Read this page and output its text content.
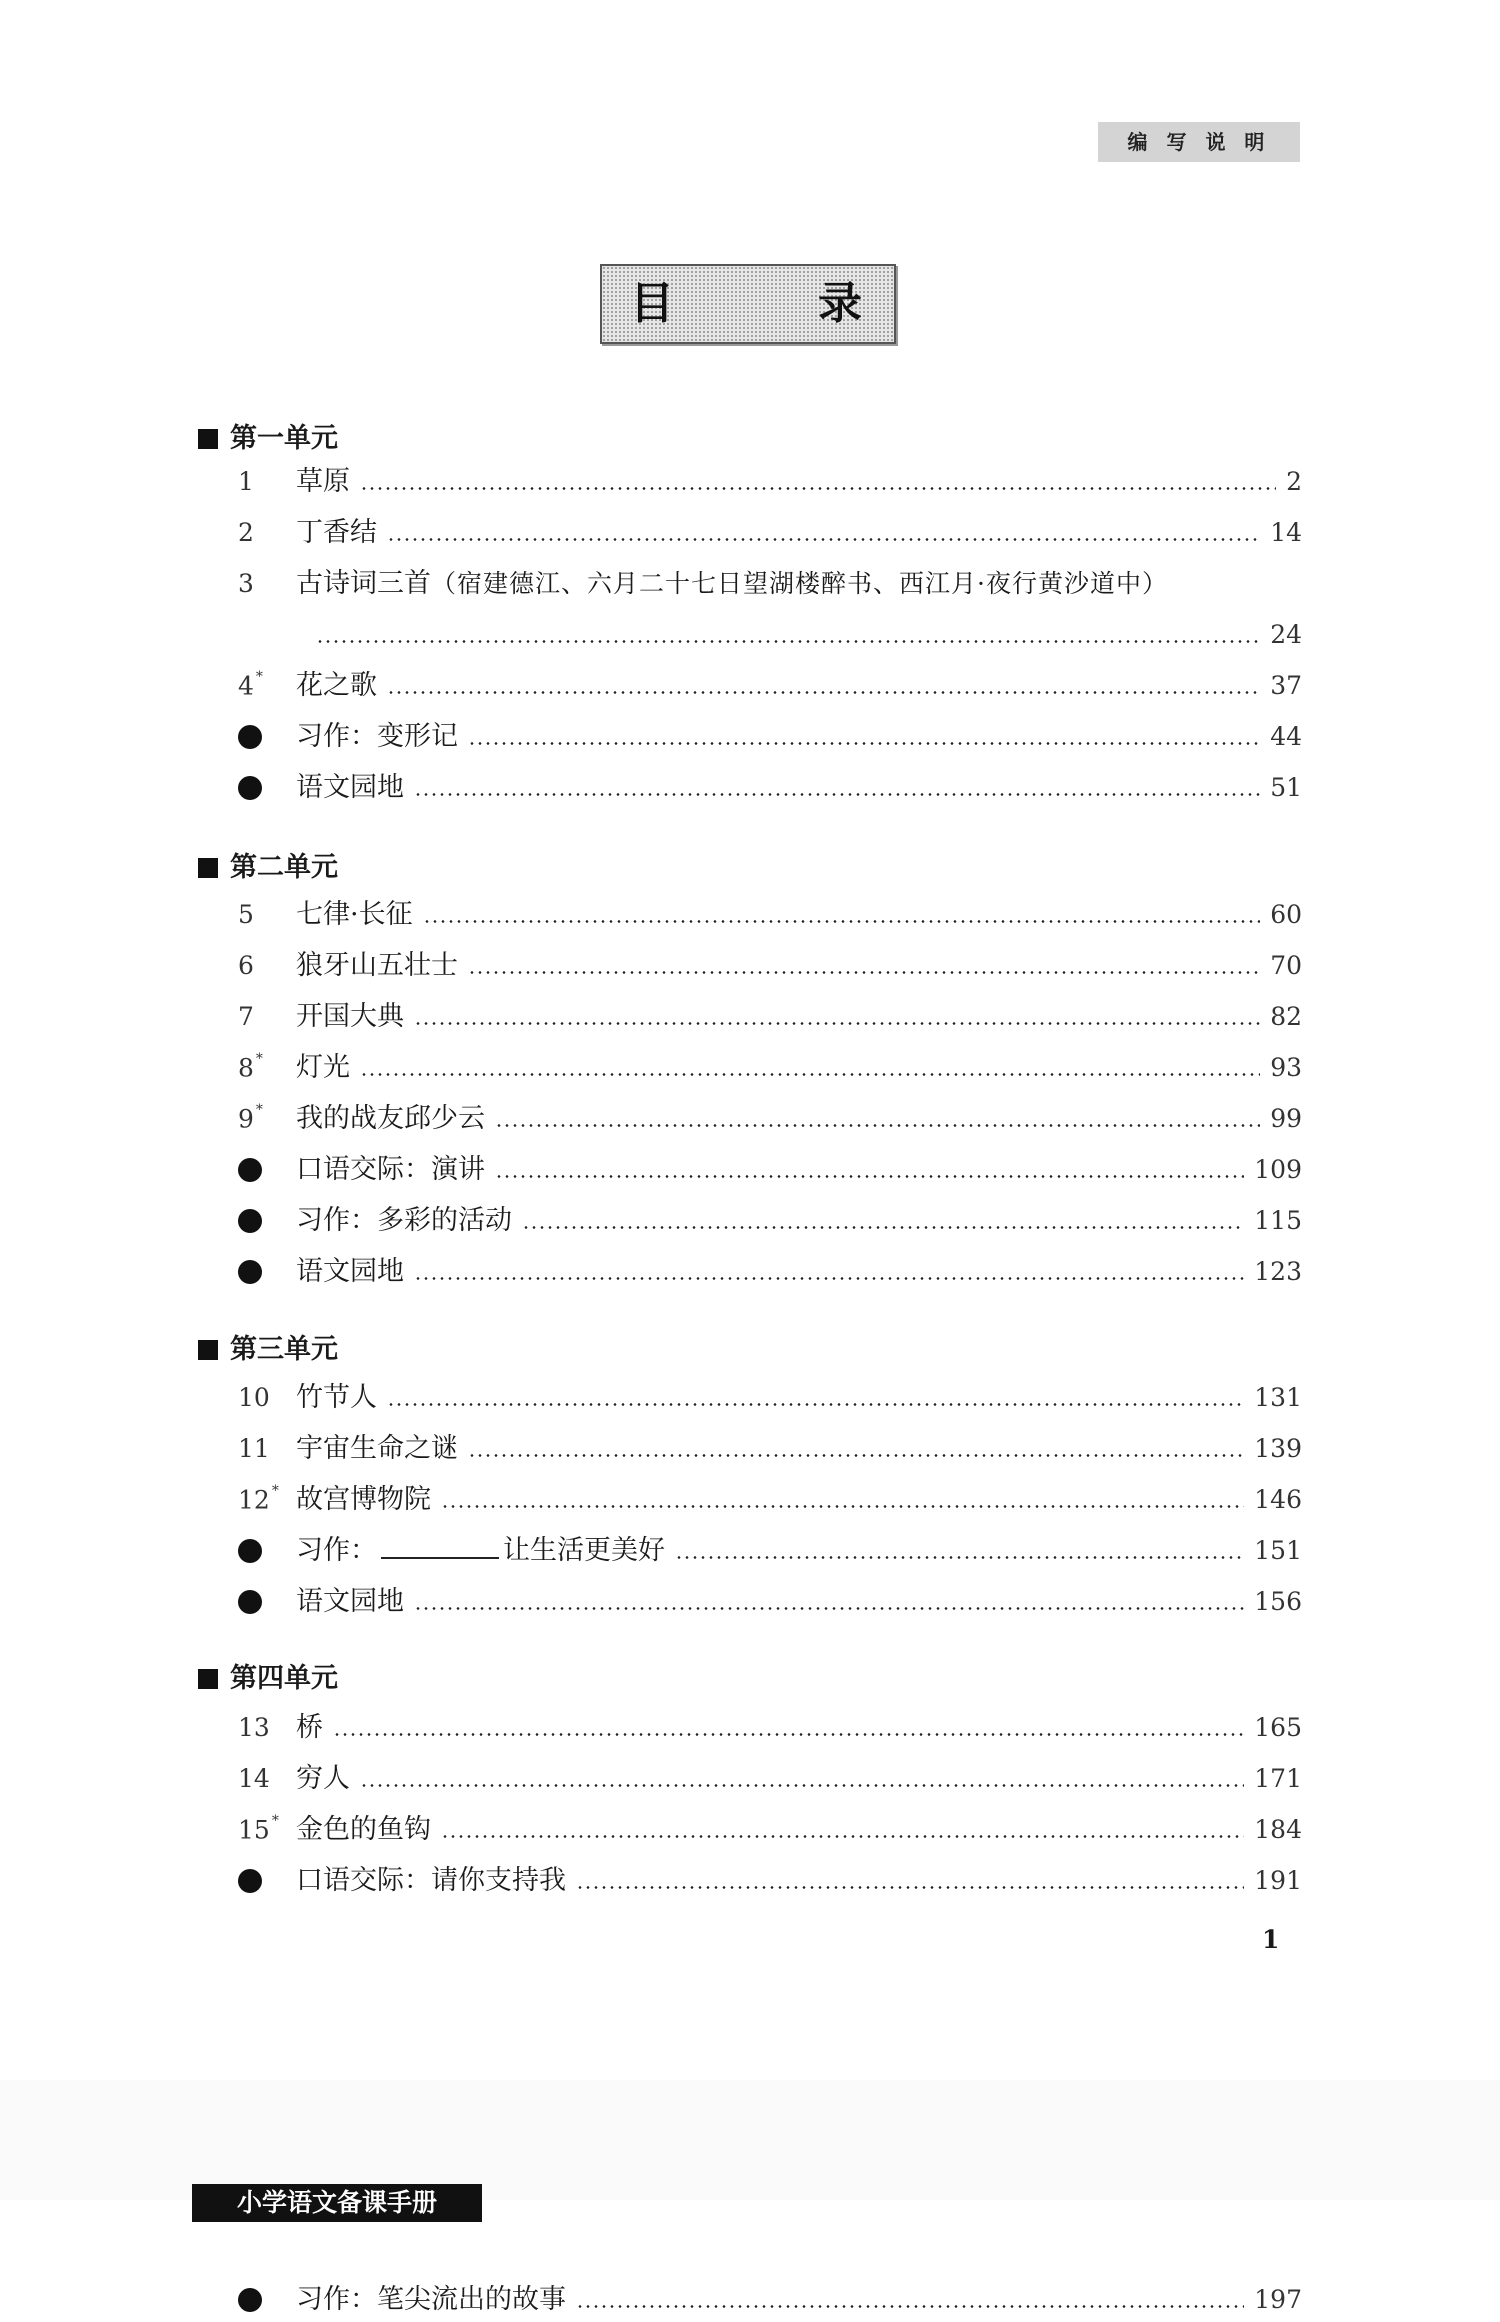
编 写 说 明
目	录
第一单元
1	草原	2
2	丁香结	14
3	古诗词三首（宿建德江、六月二十七日望湖楼醉书、西江月·夜行黄沙道中）
24
4 *	花之歌	37
习作：变形记	44
语文园地	51
第二单元
5	七律·长征	60
6	狼牙山五壮士	70
7	开国大典	82
8 *	灯光	93
9 *	我的战友邱少云	99
口语交际：演讲	109
习作：多彩的活动	115
语文园地	123
第三单元
10 竹节人	131
11 宇宙生命之谜	139
12 * 故宫博物院	146
习作：	让生活更美好	151
语文园地	156
第四单元
13 桥	165
14 穷人	171
15 * 金色的鱼钩	184
口语交际：请你支持我	191
1
小学语文备课手册
习作：笔尖流出的故事	197
